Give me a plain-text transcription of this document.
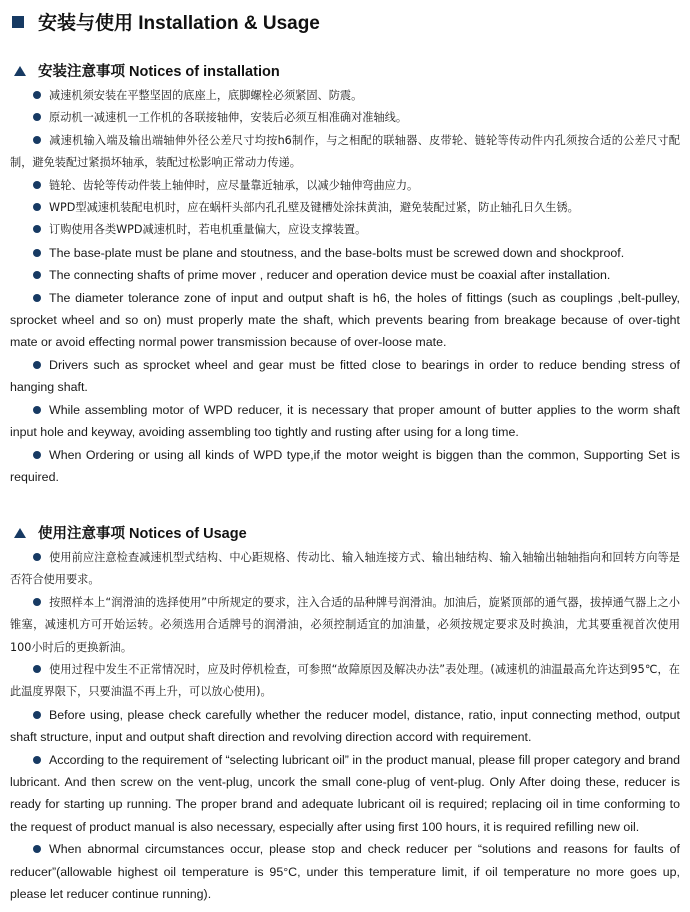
安装与使用 Installation & Usage
安装注意事项 Notices of installation

减速机须安装在平整坚固的底座上，底脚螺栓必须紧固、防震。

原动机一减速机一工作机的各联接轴伸，安装后必须互相准确对准轴线。

减速机输入端及输出端轴伸外径公差尺寸均按h6制作，与之相配的联轴器、皮带轮、链轮等传动件内孔须按合适的公差尺寸配制，避免装配过紧损坏轴承，装配过松影响正常动力传递。

链轮、齿轮等传动件装上轴伸时，应尽量靠近轴承，以减少轴伸弯曲应力。

WPD型减速机装配电机时，应在蜗杆头部内孔孔壁及键槽处涂抹黄油，避免装配过紧，防止轴孔日久生锈。

订购使用各类WPD减速机时，若电机重量偏大，应设支撑装置。

The base-plate must be plane and stoutness, and the base-bolts must be screwed down and shockproof.

The connecting shafts of prime mover , reducer and operation device must be coaxial after installation.

The diameter tolerance zone of input and output shaft is h6, the holes of fittings (such as couplings ,belt-pulley, sprocket wheel and so on) must properly mate the shaft, which prevents bearing from breakage because of over-tight mate or avoid effecting normal power transmission because of over-loose mate.

Drivers such as sprocket wheel and gear must be fitted close to bearings in order to reduce bending stress of hanging shaft.

While assembling motor of WPD reducer, it is necessary that proper amount of butter applies to the worm shaft input hole and keyway, avoiding assembling too tightly and rusting after using for a long time.

When Ordering or using all kinds of WPD type,if the motor weight is biggen than the common, Supporting Set is required.

使用注意事项 Notices of Usage

使用前应注意检查减速机型式结构、中心距规格、传动比、输入轴连接方式、输出轴结构、输入轴输出轴轴指向和回转方向等是否符合使用要求。

按照样本上“润滑油的选择使用”中所规定的要求，注入合适的品种牌号润滑油。加油后，旋紧顶部的通气器，拔掉通气器上之小锥塞，减速机方可开始运转。必须选用合适牌号的润滑油，必须控制适宜的加油量，必须按规定要求及时换油，尤其要重视首次使用100小时后的更换新油。

使用过程中发生不正常情况时，应及时停机检查，可参照“故障原因及解决办法”表处理。(减速机的油温最高允许达到95℃，在此温度界限下，只要油温不再上升，可以放心使用)。

Before using, please check carefully whether the reducer model, distance, ratio, input connecting method, output shaft structure, input and output shaft direction and revolving direction accord with requirement.

According to the requirement of “selecting lubricant oil” in the product manual, please fill proper category and brand lubricant. And then screw on the vent-plug, uncork the small cone-plug of vent-plug. Only After doing these, reducer is ready for starting up running. The proper brand and adequate lubricant oil is required; replacing oil in time conforming to the request of product manual is also necessary, especially after using first 100 hours, it is required refilling new oil.

When abnormal circumstances occur, please stop and check reducer per “solutions and reasons for faults of reducer”(allowable highest oil temperature is 95°C, under this temperature limit, if oil temperature no more goes up, please let reducer continue running).
